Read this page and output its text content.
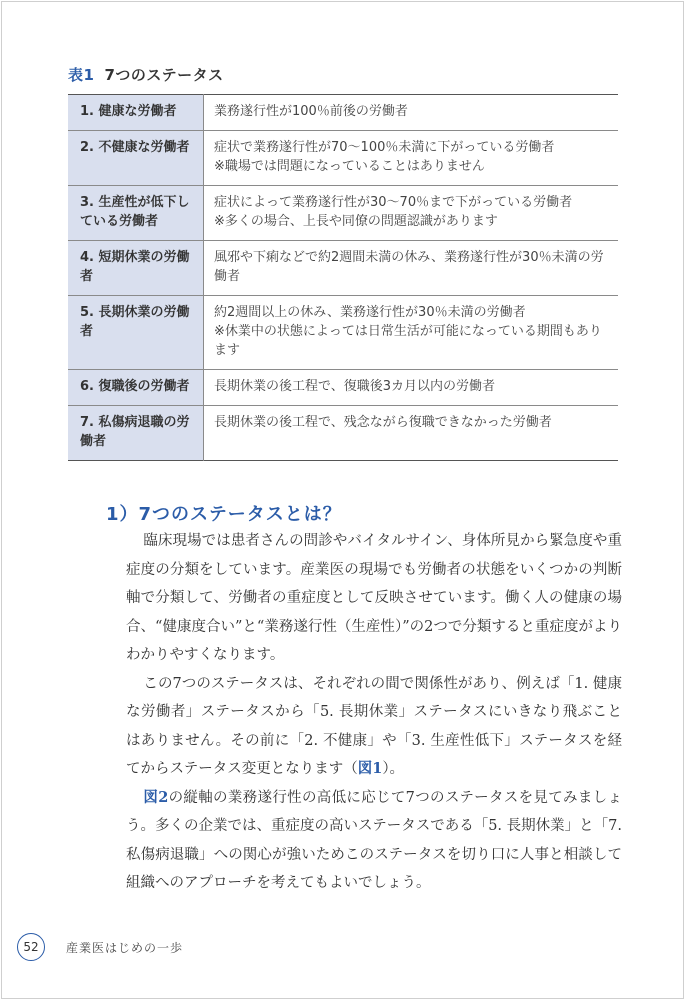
表1 7つのステータス
1. 健康な労働者	業務遂行性が100％前後の労働者

2. 不健康な労働者	症状で業務遂行性が70～100％未満に下がっている労働者
※職場では問題になっていることはありません

3. 生産性が低下している労働者	症状によって業務遂行性が30～70％まで下がっている労働者
※多くの場合、上長や同僚の問題認識があります

4. 短期休業の労働者	風邪や下痢などで約2週間未満の休み、業務遂行性が30％未満の労働者

5. 長期休業の労働者	約2週間以上の休み、業務遂行性が30％未満の労働者
※休業中の状態によっては日常生活が可能になっている期間もあります

6. 復職後の労働者	長期休業の後工程で、復職後3カ月以内の労働者

7. 私傷病退職の労働者	長期休業の後工程で、残念ながら復職できなかった労働者
1）7つのステータスとは？

臨床現場では患者さんの問診やバイタルサイン、身体所見から緊急度や重症度の分類をしています。産業医の現場でも労働者の状態をいくつかの判断軸で分類して、労働者の重症度として反映させています。働く人の健康の場合、“健康度合い”と“業務遂行性（生産性）”の2つで分類すると重症度がよりわかりやすくなります。

この7つのステータスは、それぞれの間で関係性があり、例えば「1. 健康な労働者」ステータスから「5. 長期休業」ステータスにいきなり飛ぶことはありません。その前に「2. 不健康」や「3. 生産性低下」ステータスを経てからステータス変更となります（図1）。

図2の縦軸の業務遂行性の高低に応じて7つのステータスを見てみましょう。多くの企業では、重症度の高いステータスである「5. 長期休業」と「7. 私傷病退職」への関心が強いためこのステータスを切り口に人事と相談して組織へのアプローチを考えてもよいでしょう。

52	産業医はじめの一歩
